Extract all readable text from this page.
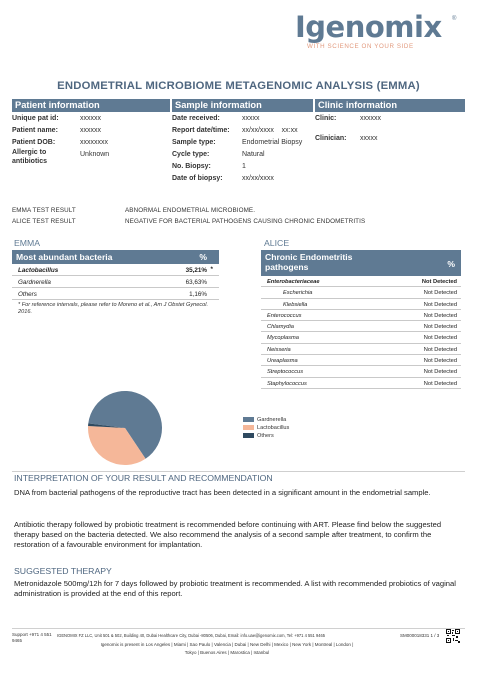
Igenomix	®
WITH SCIENCE ON YOUR SIDE
ENDOMETRIAL MICROBIOME METAGENOMIC ANALYSIS (EMMA)
Patient information	Sample information	Clinic information
Unique pat id:	xxxxxx
Patient name:	xxxxxx
Patient DOB:	xxxxxxxx
Allergic to antibiotics
Unknown
Date received:	xxxxx
Report date/time: xx/xx/xxxx    xx:xx
Sample type:	Endometrial Biopsy
Cycle type:	Natural
No. Biopsy:	1
Date of biopsy:	xx/xx/xxxx
Clinic:	xxxxxx
Clinician: xxxxx
EMMA TEST RESULT	ABNORMAL ENDOMETRIAL MICROBIOME.
ALICE TEST RESULT	NEGATIVE FOR BACTERIAL PATHOGENS CAUSING CHRONIC ENDOMETRITIS
EMMA
Most abundant bacteria	%
Lactobacillus	35,21% *
Gardnerella	63,63%
Others	1,16%
* For reference intervals, please refer to Moreno et al., Am J Obstet Gynecol. 2016.
ALICE
Chronic Endometritis pathogens	%
Enterobacteriaceae	Not Detected
Escherichia	Not Detected
Klebsiella	Not Detected
Enterococcus	Not Detected
Chlamydia	Not Detected
Mycoplasma	Not Detected
Neisseria	Not Detected
Ureaplasma	Not Detected
Streptococcus	Not Detected
Staphylococcus	Not Detected
Gardnerella
Lactobacillus
Others
INTERPRETATION OF YOUR RESULT AND RECOMMENDATION
DNA from bacterial pathogens of the reproductive tract has been detected in a significant amount in the endometrial sample.
Antibiotic therapy followed by probiotic treatment is recommended before continuing with ART. Please find below the suggested therapy based on the bacteria detected. We also recommend the analysis of a second sample after treatment, to confirm the restoration of a favourable environment for implantation.
SUGGESTED THERAPY
Metronidazole 500mg/12h for 7 days followed by probiotic treatment is recommended. A list with recommended probiotics of vaginal administration is provided at the end of this report.
Support +971 4 551 9465
IGENOMIX FZ LLC, Unit 501 & 502, Building 40, Dubai Healthcare City, Dubai -80506, Dubai, Email: info.uae@igenomix.com, Tel: +971 4 551 9465
Igenomix is present in Los Angeles | Miami | Sao Paulo | Valencia | Dubai | New Delhi | Mexico | New York | Montreal | London |
Tokyo | Buenos Aires | Marostica | Istanbul
SM000018331 1 / 3
